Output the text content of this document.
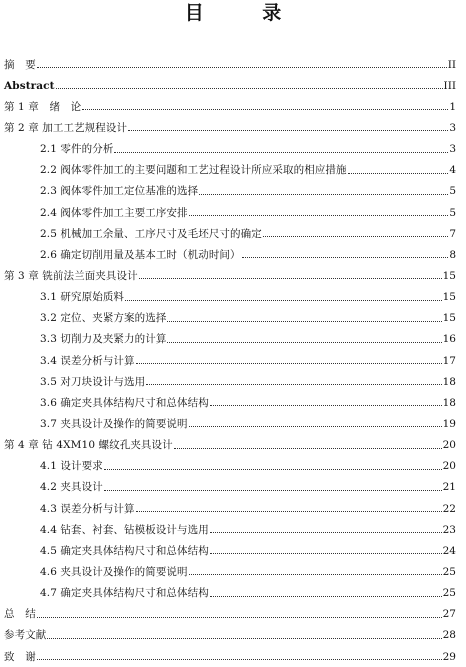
目 录
摘　要	II
Abstract	III
第 1 章　绪　论	1
第 2 章 加工工艺规程设计	3
2.1 零件的分析	3
2.2 阀体零件加工的主要问题和工艺过程设计所应采取的相应措施	4
2.3 阀体零件加工定位基准的选择	5
2.4 阀体零件加工主要工序安排	5
2.5 机械加工余量、工序尺寸及毛坯尺寸的确定	7
2.6 确定切削用量及基本工时（机动时间）	8
第 3 章 铣前法兰面夹具设计	15
3.1 研究原始质料	15
3.2 定位、夹紧方案的选择	15
3.3 切削力及夹紧力的计算	16
3.4 误差分析与计算	17
3.5 对刀块设计与选用	18
3.6 确定夹具体结构尺寸和总体结构	18
3.7 夹具设计及操作的简要说明	19
第 4 章 钻 4XM10 螺纹孔夹具设计	20
4.1 设计要求	20
4.2 夹具设计	21
4.3 误差分析与计算	22
4.4 钻套、衬套、钻模板设计与选用	23
4.5 确定夹具体结构尺寸和总体结构	24
4.6 夹具设计及操作的简要说明	25
4.7 确定夹具体结构尺寸和总体结构	25
总　结	27
参考文献	28
致　谢	29
